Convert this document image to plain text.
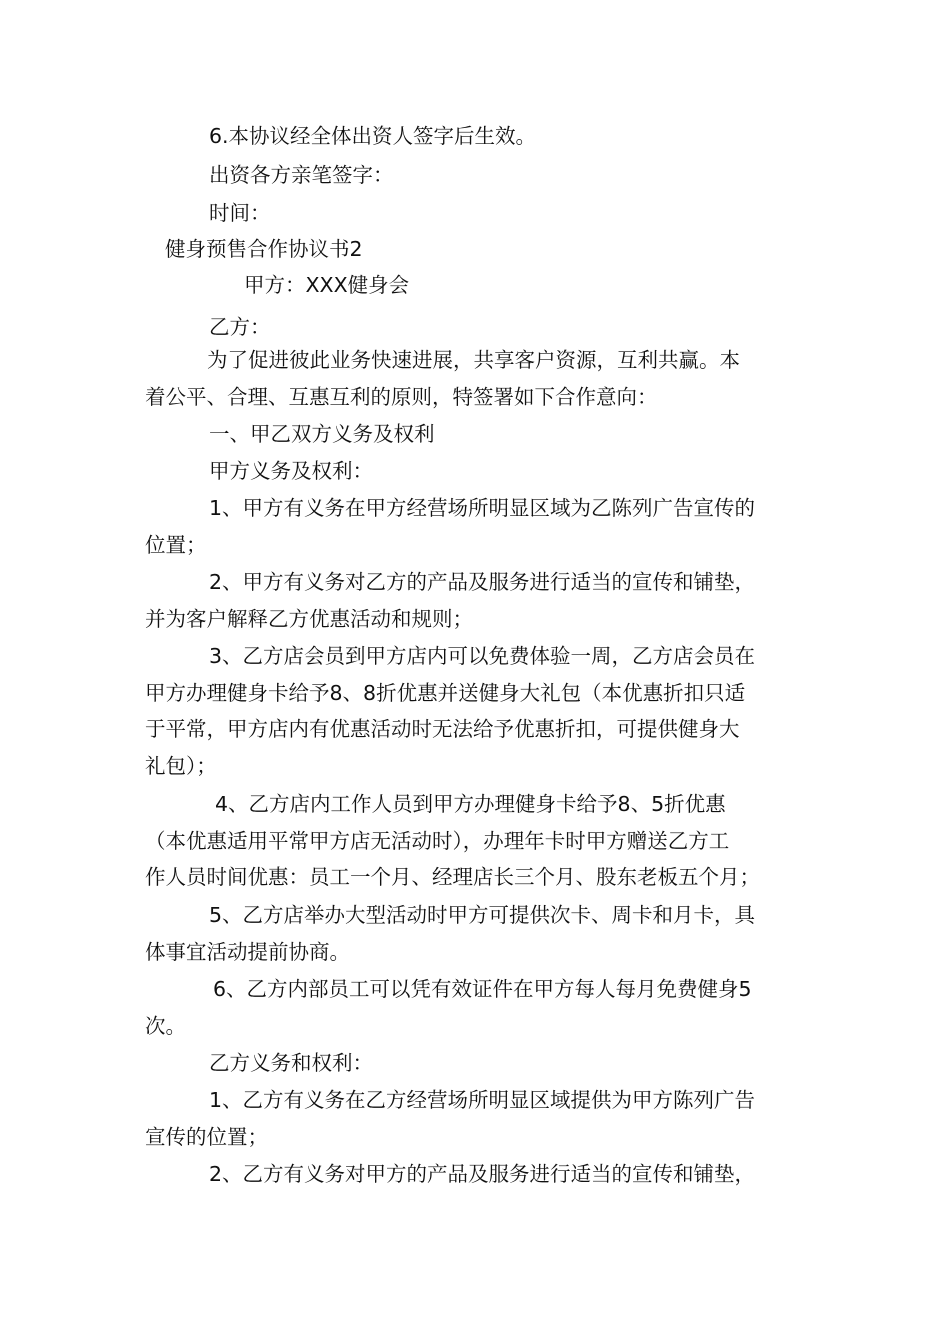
6.本协议经全体出资人签字后生效。
出资各方亲笔签字：
时间：
健身预售合作协议书2
甲方：XXX健身会
乙方：
为了促进彼此业务快速进展，共享客户资源，互利共赢。本
着公平、合理、互惠互利的原则，特签署如下合作意向：
一、甲乙双方义务及权利
甲方义务及权利：
1、甲方有义务在甲方经营场所明显区域为乙陈列广告宣传的
位置；
2、甲方有义务对乙方的产品及服务进行适当的宣传和铺垫，
并为客户解释乙方优惠活动和规则；
3、乙方店会员到甲方店内可以免费体验一周，乙方店会员在
甲方办理健身卡给予8、8折优惠并送健身大礼包（本优惠折扣只适
于平常，甲方店内有优惠活动时无法给予优惠折扣，可提供健身大
礼包）；
4、乙方店内工作人员到甲方办理健身卡给予8、5折优惠
（本优惠适用平常甲方店无活动时），办理年卡时甲方赠送乙方工
作人员时间优惠：员工一个月、经理店长三个月、股东老板五个月；
5、乙方店举办大型活动时甲方可提供次卡、周卡和月卡，具
体事宜活动提前协商。
6、乙方内部员工可以凭有效证件在甲方每人每月免费健身5
次。
乙方义务和权利：
1、乙方有义务在乙方经营场所明显区域提供为甲方陈列广告
宣传的位置；
2、乙方有义务对甲方的产品及服务进行适当的宣传和铺垫，
